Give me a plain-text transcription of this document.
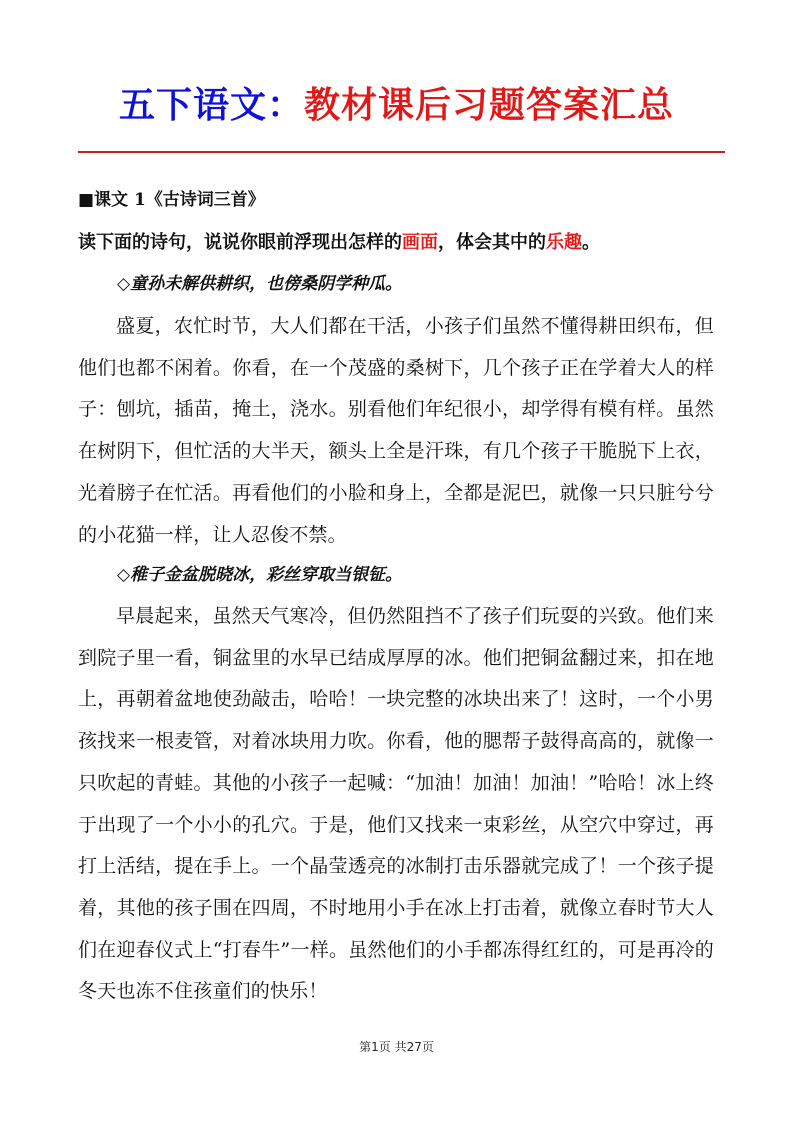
五下语文：教材课后习题答案汇总
■课文 1《古诗词三首》
读下面的诗句，说说你眼前浮现出怎样的画面，体会其中的乐趣。
◇童孙未解供耕织，也傍桑阴学种瓜。
盛夏，农忙时节，大人们都在干活，小孩子们虽然不懂得耕田织布，但他们也都不闲着。你看，在一个茂盛的桑树下，几个孩子正在学着大人的样子：刨坑，插苗，掩土，浇水。别看他们年纪很小，却学得有模有样。虽然在树阴下，但忙活的大半天，额头上全是汗珠，有几个孩子干脆脱下上衣，光着膀子在忙活。再看他们的小脸和身上，全都是泥巴，就像一只只脏兮兮的小花猫一样，让人忍俊不禁。
◇稚子金盆脱晓冰，彩丝穿取当银钲。
早晨起来，虽然天气寒冷，但仍然阻挡不了孩子们玩耍的兴致。他们来到院子里一看，铜盆里的水早已结成厚厚的冰。他们把铜盆翻过来，扣在地上，再朝着盆地使劲敲击，哈哈！一块完整的冰块出来了！这时，一个小男孩找来一根麦管，对着冰块用力吹。你看，他的腮帮子鼓得高高的，就像一只吹起的青蛙。其他的小孩子一起喊：“加油！加油！加油！”哈哈！冰上终于出现了一个小小的孔穴。于是，他们又找来一束彩丝，从空穴中穿过，再打上活结，提在手上。一个晶莹透亮的冰制打击乐器就完成了！一个孩子提着，其他的孩子围在四周，不时地用小手在冰上打击着，就像立春时节大人们在迎春仪式上“打春牛”一样。虽然他们的小手都冻得红红的，可是再冷的冬天也冻不住孩童们的快乐！
第1页 共27页
